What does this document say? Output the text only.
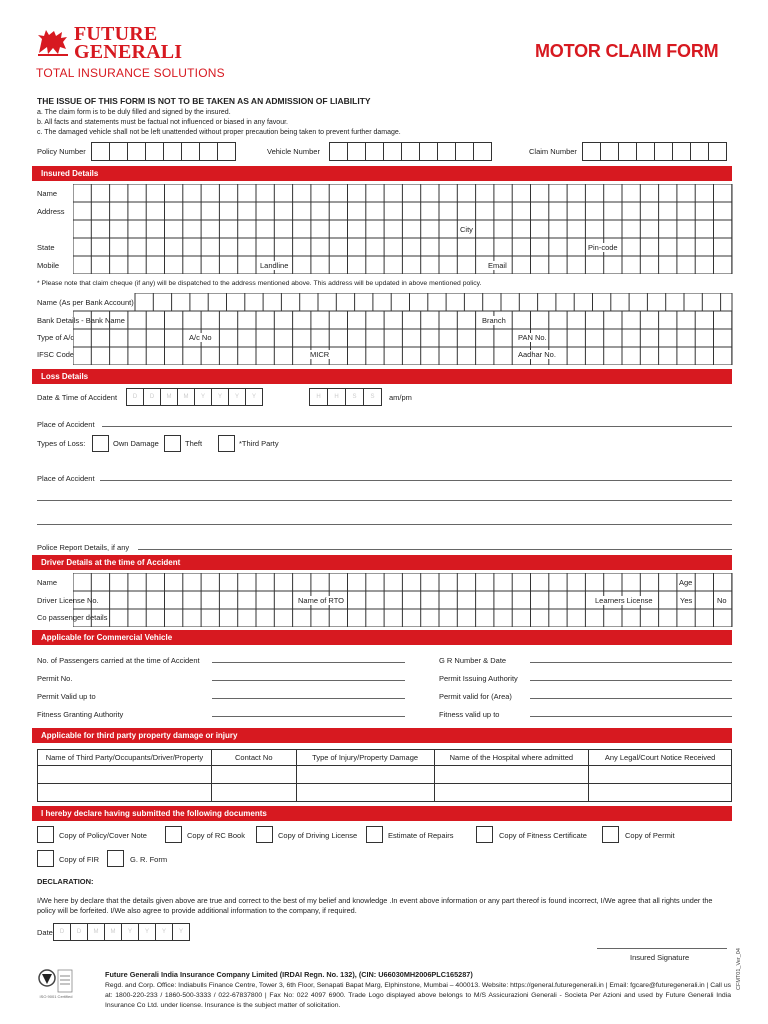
FUTURE
GENERALI
TOTAL INSURANCE SOLUTIONS
MOTOR CLAIM FORM
THE ISSUE OF THIS FORM IS NOT TO BE TAKEN AS AN ADMISSION OF LIABILITY
a. The claim form is to be duly filled and signed by the insured.
b. All facts and statements must be factual not influenced or biased in any favour.
c. The damaged vehicle shall not be left unattended without proper precaution being taken to prevent further damage.
Policy Number	Vehicle Number	Claim Number
Insured Details
Name
Address
State
Mobile
City
Pin-code
Landline	Email
* Please note that claim cheque (if any) will be dispatched to the address mentioned above. This address will be updated in above mentioned policy.
Name (As per Bank Account)
Bank Details - Bank Name
Type of A/c
IFSC Code
Branch
A/c No	PAN No.
MICR	Aadhar No.
Loss Details
Date & Time of Accident	D	D	M	M	Y	Y	Y	Y	H	H	S	S	am/pm
Place of Accident
Types of Loss:	Own Damage	Theft	*Third Party
Place of Accident
Police Report Details, if any
Driver Details at the time of Accident
Name
Driver License No.
Co passenger details
Age
Name of RTO	Learners License	Yes	No
Applicable for Commercial Vehicle
No. of Passengers carried at the time of Accident	G R Number & Date
Permit No.	Permit Issuing Authority
Permit Valid up to	Permit valid for (Area)
Fitness Granting Authority	Fitness valid up to
Applicable for third party property damage or injury
Name of Third Party/Occupants/Driver/Property	Contact No	Type of Injury/Property Damage	Name of the Hospital where admitted	Any Legal/Court Notice Received

I hereby declare having submitted the following documents
Copy of Policy/Cover Note	Copy of RC Book	Copy of Driving License	Estimate of Repairs	Copy of Fitness Certificate	Copy of Permit
Copy of FIR	G. R. Form
DECLARATION:
I/We here by declare that the details given above are true and correct to the best of my belief and knowledge .In event above information or any part thereof is found incorrect, I/We agree that all rights under the policy will be forfeited. I/We also agree to provide additional information to the company, if required.
Date	D	D	M	M	Y	Y	Y	Y
Insured Signature
ISO 9001 Certified
Future Generali India Insurance Company Limited (IRDAI Regn. No. 132), (CIN: U66030MH2006PLC165287)
Regd. and Corp. Office: Indiabulls Finance Centre, Tower 3, 6th Floor, Senapati Bapat Marg, Elphinstone, Mumbai – 400013. Website: https://general.futuregenerali.in | Email: fgcare@futuregenerali.in | Call us at: 1800-220-233 / 1860-500-3333 / 022-67837800 | Fax No: 022 4097 6900. Trade Logo displayed above belongs to M/S Assicurazioni Generali - Societa Per Azioni and used by Future Generali India Insurance Co Ltd. under license. Insurance is the subject matter of solicitation.
CFMT01_Ver_04
